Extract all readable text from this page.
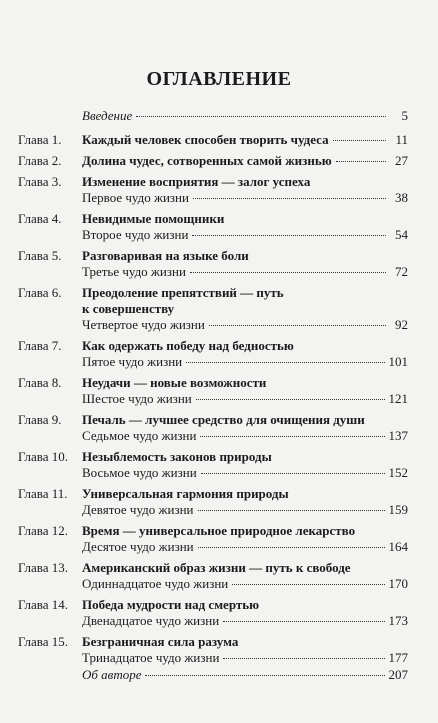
ОГЛАВЛЕНИЕ
Введение	5
Глава 1. Каждый человек способен творить чудеса	11
Глава 2. Долина чудес, сотворенных самой жизнью	27
Глава 3. Изменение восприятия — залог успеха
Первое чудо жизни	38
Глава 4. Невидимые помощники
Второе чудо жизни	54
Глава 5. Разговаривая на языке боли
Третье чудо жизни	72
Глава 6. Преодоление препятствий — путь
к совершенству
Четвертое чудо жизни	92
Глава 7. Как одержать победу над бедностью
Пятое чудо жизни	101
Глава 8. Неудачи — новые возможности
Шестое чудо жизни	121
Глава 9. Печаль — лучшее средство для очищения души
Седьмое чудо жизни	137
Глава 10. Незыблемость законов природы
Восьмое чудо жизни	152
Глава 11. Универсальная гармония природы
Девятое чудо жизни	159
Глава 12. Время — универсальное природное лекарство
Десятое чудо жизни	164
Глава 13. Американский образ жизни — путь к свободе
Одиннадцатое чудо жизни	170
Глава 14. Победа мудрости над смертью
Двенадцатое чудо жизни	173
Глава 15. Безграничная сила разума
Тринадцатое чудо жизни	177
Об авторе	207
